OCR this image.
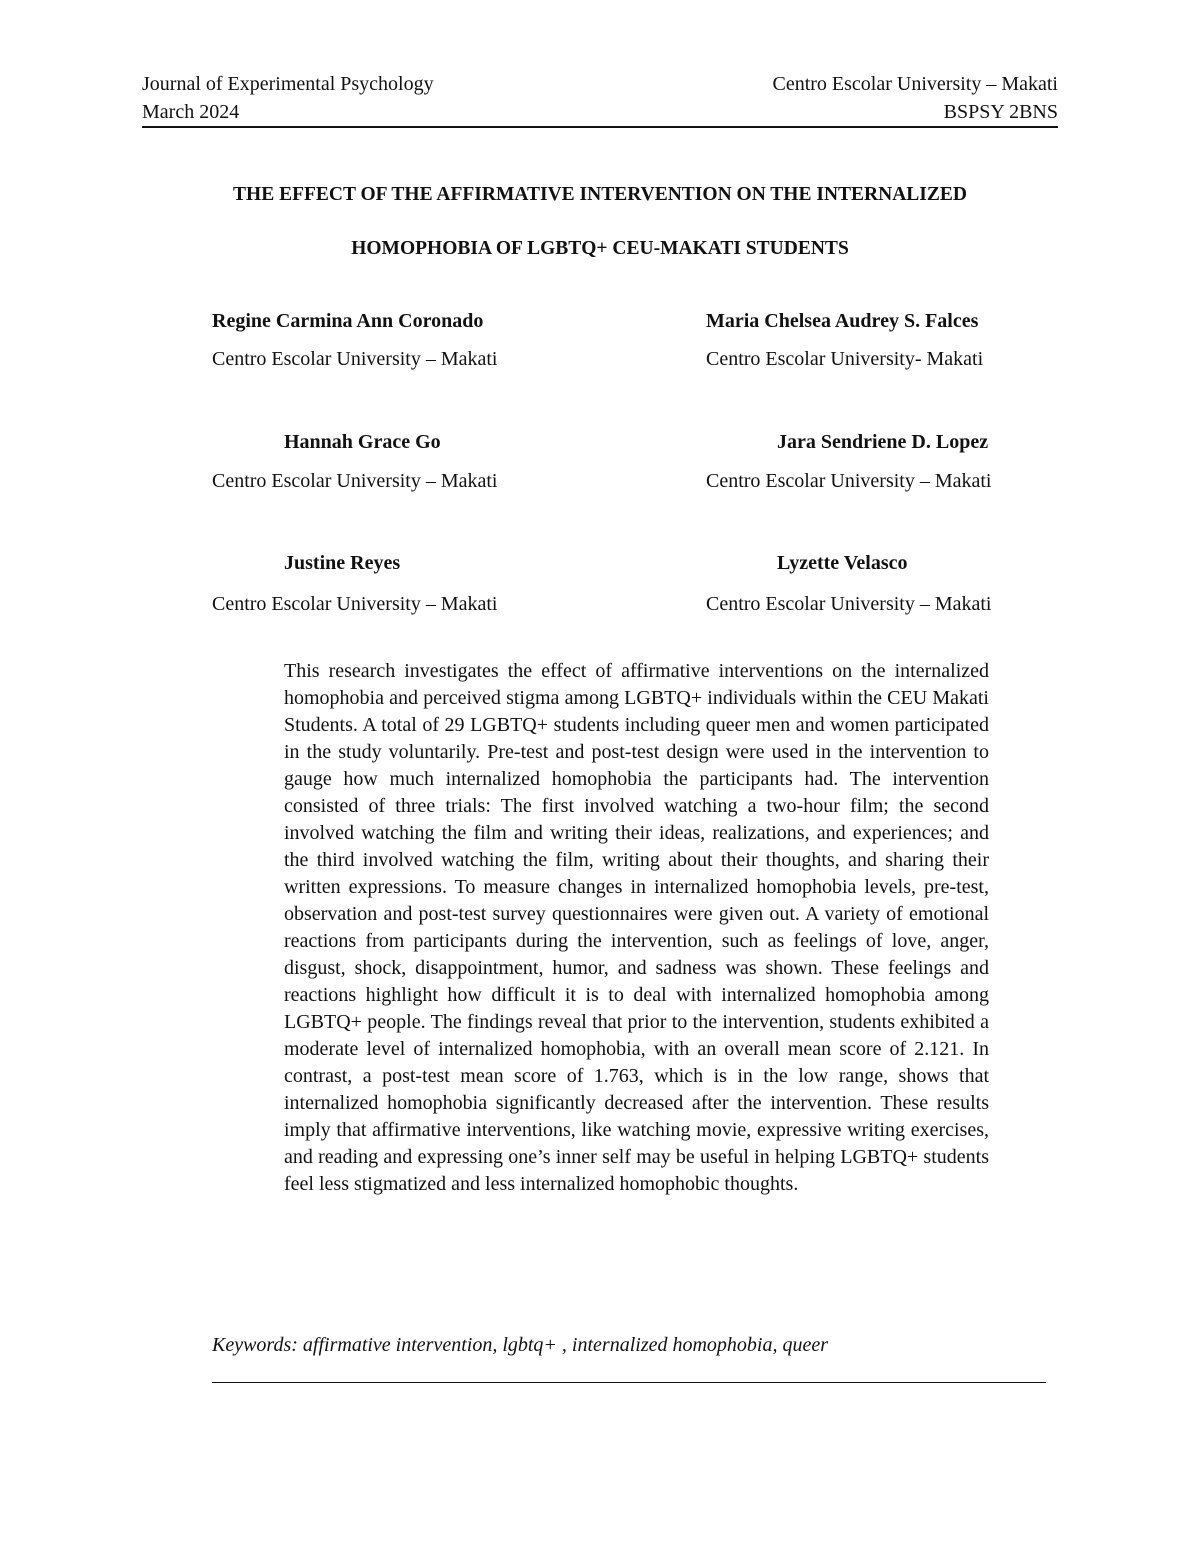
Journal of Experimental Psychology
March 2024
Centro Escolar University – Makati
BSPSY 2BNS
THE EFFECT OF THE AFFIRMATIVE INTERVENTION ON THE INTERNALIZED
HOMOPHOBIA OF LGBTQ+ CEU-MAKATI STUDENTS
Regine Carmina Ann Coronado
Centro Escolar University – Makati
Maria Chelsea Audrey S. Falces
Centro Escolar University- Makati
Hannah Grace Go
Centro Escolar University – Makati
Jara Sendriene D. Lopez
Centro Escolar University – Makati
Justine Reyes
Centro Escolar University – Makati
Lyzette Velasco
Centro Escolar University – Makati

This research investigates the effect of affirmative interventions on the internalized homophobia and perceived stigma among LGBTQ+ individuals within the CEU Makati Students. A total of 29 LGBTQ+ students including queer men and women participated in the study voluntarily. Pre-test and post-test design were used in the intervention to gauge how much internalized homophobia the participants had. The intervention consisted of three trials: The first involved watching a two-hour film; the second involved watching the film and writing their ideas, realizations, and experiences; and the third involved watching the film, writing about their thoughts, and sharing their written expressions. To measure changes in internalized homophobia levels, pre-test, observation and post-test survey questionnaires were given out. A variety of emotional reactions from participants during the intervention, such as feelings of love, anger, disgust, shock, disappointment, humor, and sadness was shown. These feelings and reactions highlight how difficult it is to deal with internalized homophobia among LGBTQ+ people. The findings reveal that prior to the intervention, students exhibited a moderate level of internalized homophobia, with an overall mean score of 2.121. In contrast, a post-test mean score of 1.763, which is in the low range, shows that internalized homophobia significantly decreased after the intervention. These results imply that affirmative interventions, like watching movie, expressive writing exercises, and reading and expressing one’s inner self may be useful in helping LGBTQ+ students feel less stigmatized and less internalized homophobic thoughts.

Keywords: affirmative intervention, lgbtq+ , internalized homophobia, queer
